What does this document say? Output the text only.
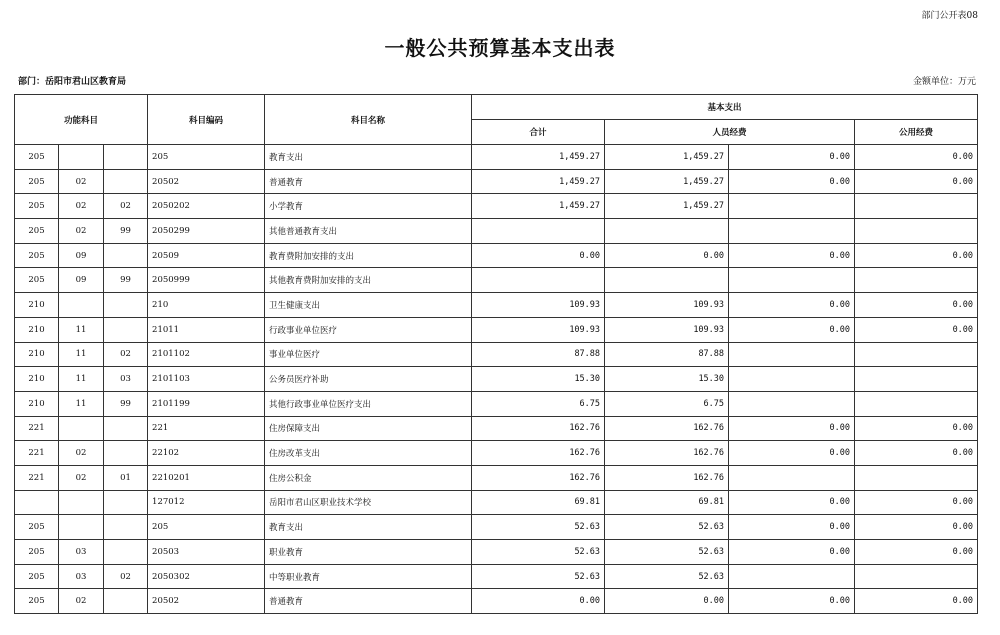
部门公开表08
一般公共预算基本支出表
部门：岳阳市君山区教育局	金额单位：万元
功能科目			科目编码	科目名称	基本支出			
					合计	人员经费		公用经费
205			205	教育支出	1,459.27	1,459.27	0.00	0.00
205	02		20502	普通教育	1,459.27	1,459.27	0.00	0.00
205	02	02	2050202	小学教育	1,459.27	1,459.27		
205	02	99	2050299	其他普通教育支出				
205	09		20509	教育费附加安排的支出	0.00	0.00	0.00	0.00
205	09	99	2050999	其他教育费附加安排的支出				
210			210	卫生健康支出	109.93	109.93	0.00	0.00
210	11		21011	行政事业单位医疗	109.93	109.93	0.00	0.00
210	11	02	2101102	事业单位医疗	87.88	87.88		
210	11	03	2101103	公务员医疗补助	15.30	15.30		
210	11	99	2101199	其他行政事业单位医疗支出	6.75	6.75		
221			221	住房保障支出	162.76	162.76	0.00	0.00
221	02		22102	住房改革支出	162.76	162.76	0.00	0.00
221	02	01	2210201	住房公积金	162.76	162.76		
			127012	岳阳市君山区职业技术学校	69.81	69.81	0.00	0.00
205			205	教育支出	52.63	52.63	0.00	0.00
205	03		20503	职业教育	52.63	52.63	0.00	0.00
205	03	02	2050302	中等职业教育	52.63	52.63		
205	02		20502	普通教育	0.00	0.00	0.00	0.00
